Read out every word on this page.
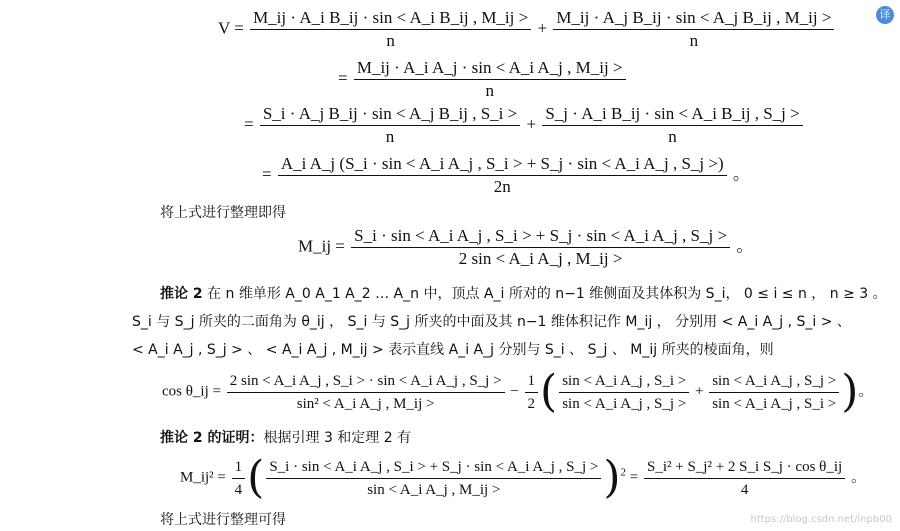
译
$V = \frac{\text{M\_ij · A\_i B\_ij · sin < A\_i B\_ij , M\_ij >}}{n} + \frac{\text{M\_ij · A\_j B\_ij · sin < A\_j B\_ij , M\_ij >}}{n}$
= $\frac{\text{M\_ij · A\_i A\_j · sin < A\_i A\_j , M\_ij >}}{n}$
= $\frac{\text{S\_i · A\_j B\_ij · sin < A\_j B\_ij , S\_i >}}{n} + \frac{\text{S\_j · A\_i B\_ij · sin < A\_i B\_ij , S\_j >}}{n}$
=
A_i A_j (S_i · sin < A_i A_j , S_i > + S_j · sin < A_i A_j , S_j >)
2n
。
将上式进行整理即得
M_ij = $\frac{\text{S\_i · sin < A\_i A\_j , S\_i > + S\_j · sin < A\_i A\_j , S\_j >}}{\text{2 sin < A\_i A\_j , M\_ij >}}$ 。
推论 2 在 n 维单形 A_0 A_1 A_2 … A_n 中，顶点 A_i 所对的 n−1 维侧面及其体积为 S_i， 0 ≤ i ≤ n ， n ≥ 3 。
S_i 与 S_j 所夹的二面角为 θ_ij ， S_i 与 S_j 所夹的中面及其 n−1 维体积记作 M_ij ， 分别用 < A_i A_j , S_i > 、
< A_i A_j , S_j > 、 < A_i A_j , M_ij > 表示直线 A_i A_j 分别与 S_i 、 S_j 、 M_ij 所夹的棱面角，则
cos θ_ij = $\frac{\text{2 sin < A\_i A\_j , S\_i > · sin < A\_i A\_j , S\_j >}}{\text{sin² < A\_i A\_j , M\_ij >}} - \frac{1}{2}$ ( $\frac{\text{sin < A\_i A\_j , S\_i >}}{\text{sin < A\_i A\_j , S\_j >}} + \frac{\text{sin < A\_i A\_j , S\_j >}}{\text{sin < A\_i A\_j , S\_i >}}$ )。
推论 2 的证明：根据引理 3 和定理 2 有
M_ij² = $\frac{1}{4}$ ( $\frac{\text{S\_i · sin < A\_i A\_j , S\_i > + S\_j · sin < A\_i A\_j , S\_j >}}{\text{sin < A\_i A\_j , M\_ij >}} )^2 = \frac{\text{S\_i² + S\_j² + 2 S\_i S\_j · cos θ\_ij}}{4}$ 。
将上式进行整理可得	https://blog.csdn.net/lnpb00
